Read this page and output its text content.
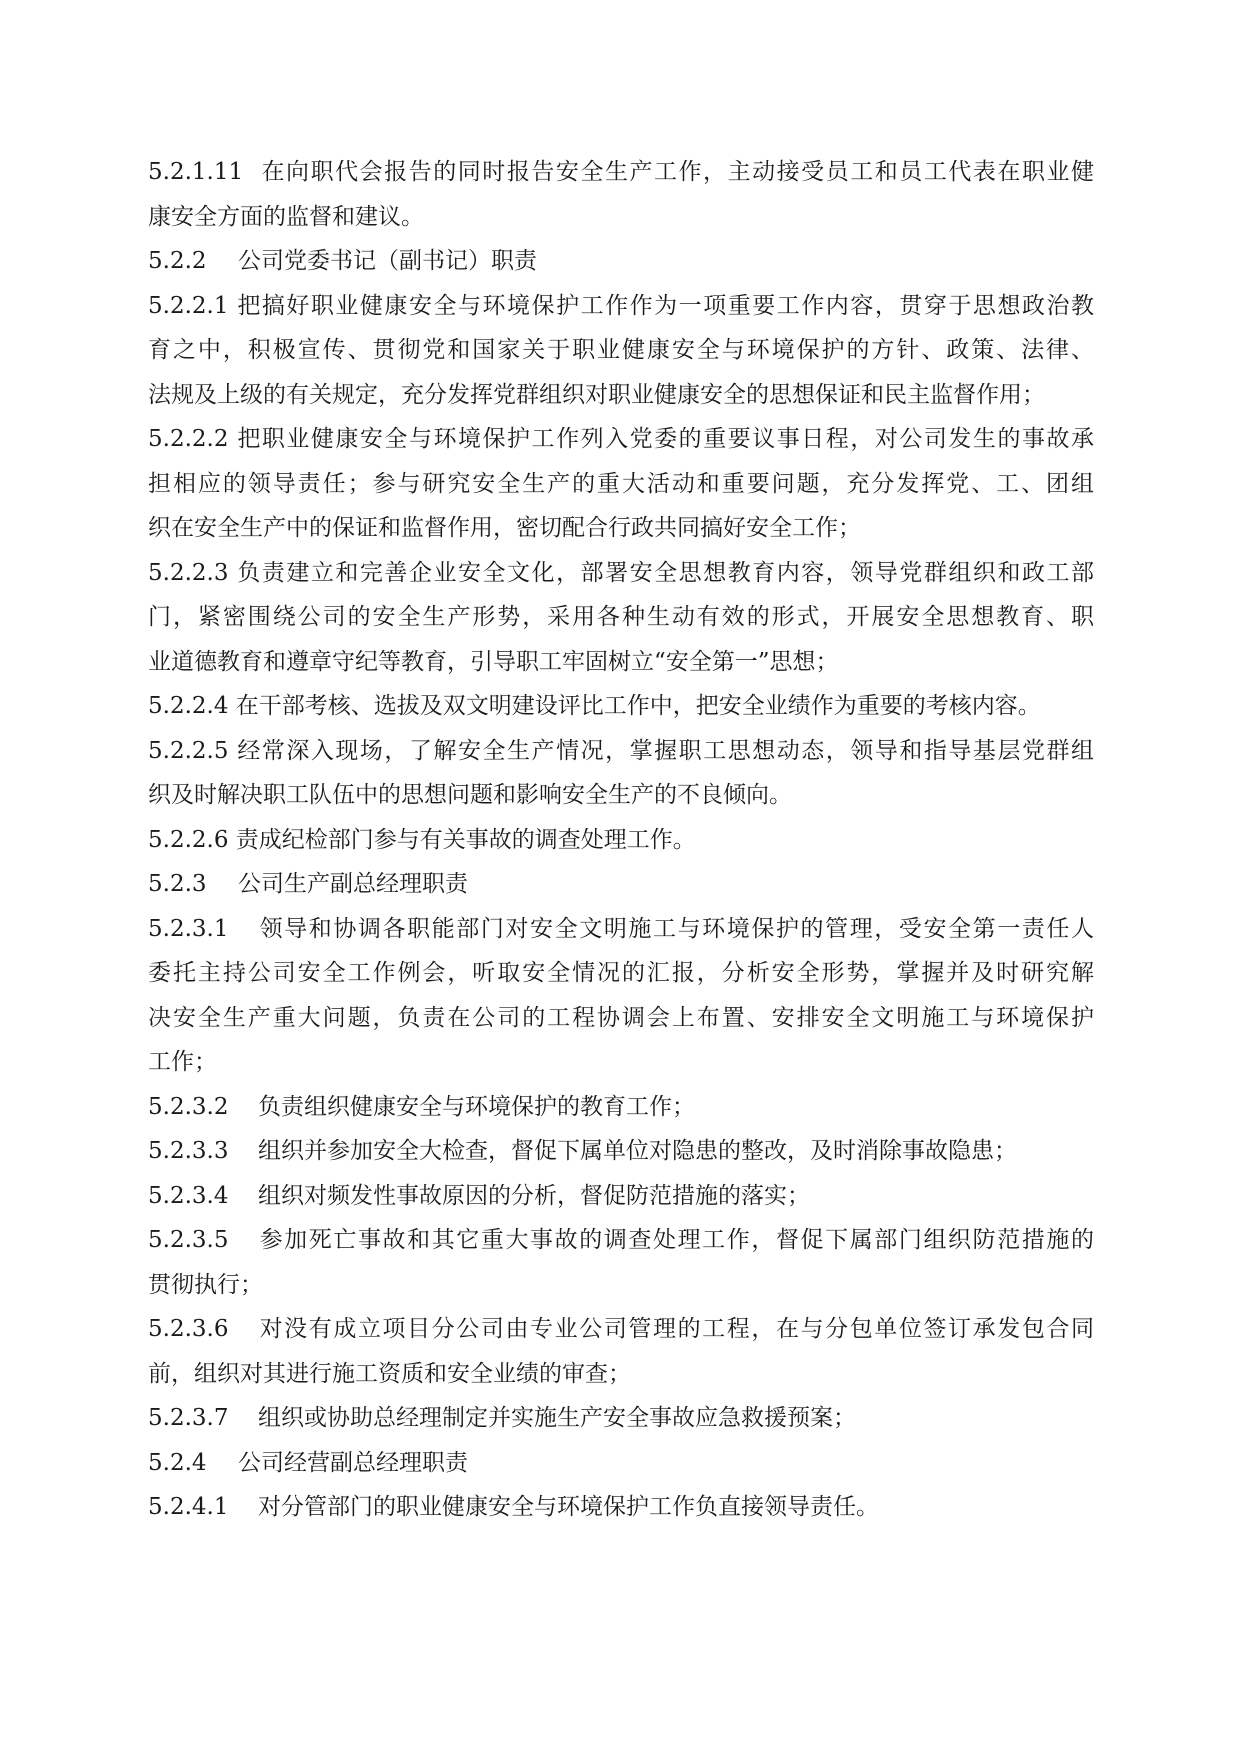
5.2.1.11 在向职代会报告的同时报告安全生产工作，主动接受员工和员工代表在职业健
康安全方面的监督和建议。
5.2.2 公司党委书记（副书记）职责
5.2.2.1 把搞好职业健康安全与环境保护工作作为一项重要工作内容，贯穿于思想政治教
育之中，积极宣传、贯彻党和国家关于职业健康安全与环境保护的方针、政策、法律、
法规及上级的有关规定，充分发挥党群组织对职业健康安全的思想保证和民主监督作用；
5.2.2.2 把职业健康安全与环境保护工作列入党委的重要议事日程，对公司发生的事故承
担相应的领导责任；参与研究安全生产的重大活动和重要问题，充分发挥党、工、团组
织在安全生产中的保证和监督作用，密切配合行政共同搞好安全工作；
5.2.2.3 负责建立和完善企业安全文化，部署安全思想教育内容，领导党群组织和政工部
门，紧密围绕公司的安全生产形势，采用各种生动有效的形式，开展安全思想教育、职
业道德教育和遵章守纪等教育，引导职工牢固树立“安全第一”思想；
5.2.2.4 在干部考核、选拔及双文明建设评比工作中，把安全业绩作为重要的考核内容。
5.2.2.5 经常深入现场，了解安全生产情况，掌握职工思想动态，领导和指导基层党群组
织及时解决职工队伍中的思想问题和影响安全生产的不良倾向。
5.2.2.6 责成纪检部门参与有关事故的调查处理工作。
5.2.3 公司生产副总经理职责
5.2.3.1 领导和协调各职能部门对安全文明施工与环境保护的管理，受安全第一责任人
委托主持公司安全工作例会，听取安全情况的汇报，分析安全形势，掌握并及时研究解
决安全生产重大问题，负责在公司的工程协调会上布置、安排安全文明施工与环境保护
工作；
5.2.3.2 负责组织健康安全与环境保护的教育工作；
5.2.3.3 组织并参加安全大检查，督促下属单位对隐患的整改，及时消除事故隐患；
5.2.3.4 组织对频发性事故原因的分析，督促防范措施的落实；
5.2.3.5 参加死亡事故和其它重大事故的调查处理工作，督促下属部门组织防范措施的
贯彻执行；
5.2.3.6 对没有成立项目分公司由专业公司管理的工程，在与分包单位签订承发包合同
前，组织对其进行施工资质和安全业绩的审查；
5.2.3.7 组织或协助总经理制定并实施生产安全事故应急救援预案；
5.2.4 公司经营副总经理职责
5.2.4.1 对分管部门的职业健康安全与环境保护工作负直接领导责任。
